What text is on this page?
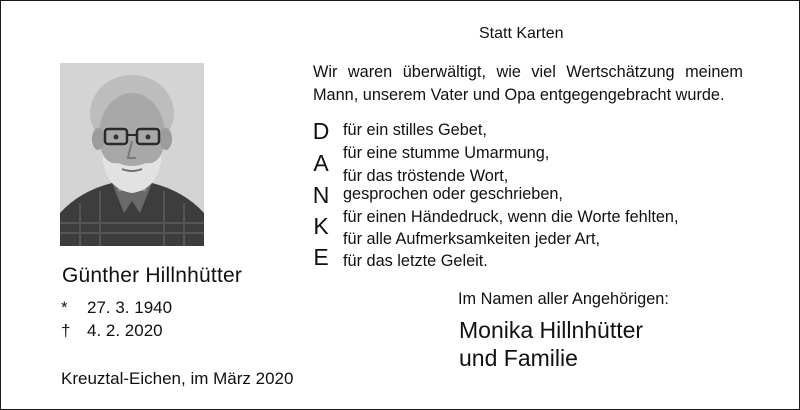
Günther Hillnhütter
* 27. 3. 1940
† 4. 2. 2020
Kreuztal-Eichen, im März 2020
Statt Karten
Wir waren überwältigt, wie viel Wertschätzung meinem Mann, unserem Vater und Opa entgegengebracht wurde.
D
A
N
K
E
für ein stilles Gebet,
für eine stumme Umarmung,
für das tröstende Wort,
gesprochen oder geschrieben,
für einen Händedruck, wenn die Worte fehlten,
für alle Aufmerksamkeiten jeder Art,
für das letzte Geleit.
Im Namen aller Angehörigen:
Monika Hillnhütter
und Familie
